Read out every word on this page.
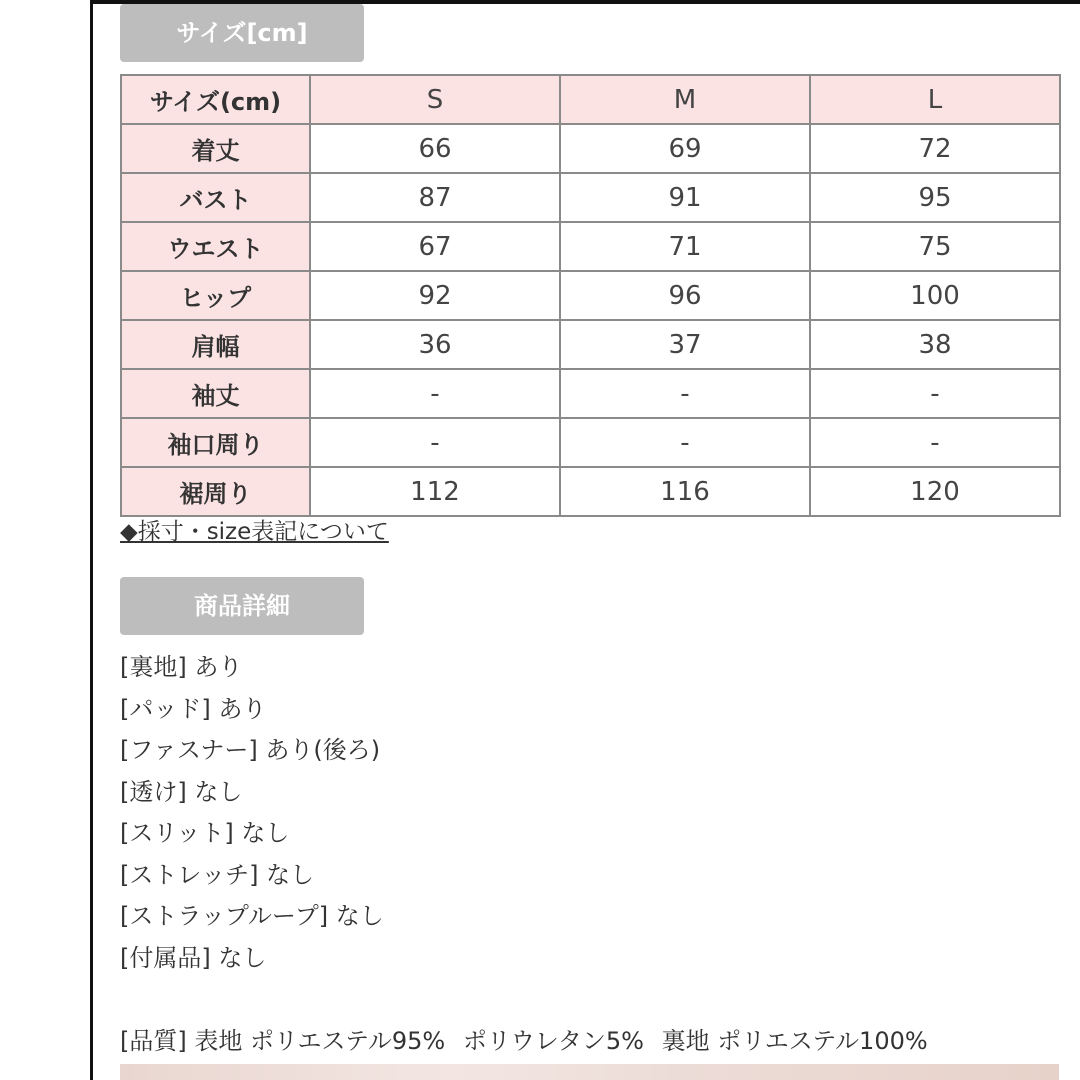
サイズ[cm]
サイズ(cm)	S	M	L
着丈	66	69	72
バスト	87	91	95
ウエスト	67	71	75
ヒップ	92	96	100
肩幅	36	37	38
袖丈	-	-	-
袖口周り	-	-	-
裾周り	112	116	120
◆採寸・size表記について
商品詳細
[裏地] あり
[パッド] あり
[ファスナー] あり(後ろ)
[透け] なし
[スリット] なし
[ストレッチ] なし
[ストラップループ] なし
[付属品] なし
[品質] 表地 ポリエステル95% ポリウレタン5% 裏地 ポリエステル100%
